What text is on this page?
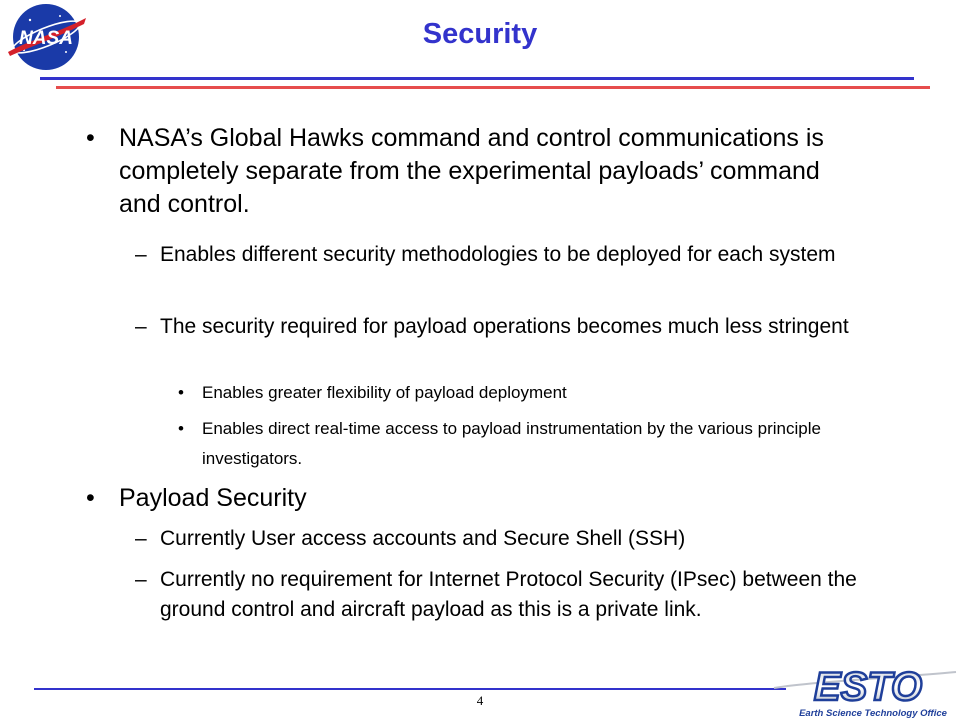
NASA	Security
• NASA’s Global Hawks command and control communications is completely separate from the experimental payloads’ command and control.
– Enables different security methodologies to be deployed for each system
– The security required for payload operations becomes much less stringent
• Enables greater flexibility of payload deployment
• Enables direct real-time access to payload instrumentation by the various principle investigators.
• Payload Security
– Currently User access accounts and Secure Shell (SSH)
– Currently no requirement for Internet Protocol Security (IPsec) between the ground control and aircraft payload as this is a private link.
4	ESTO
Earth Science Technology Office
